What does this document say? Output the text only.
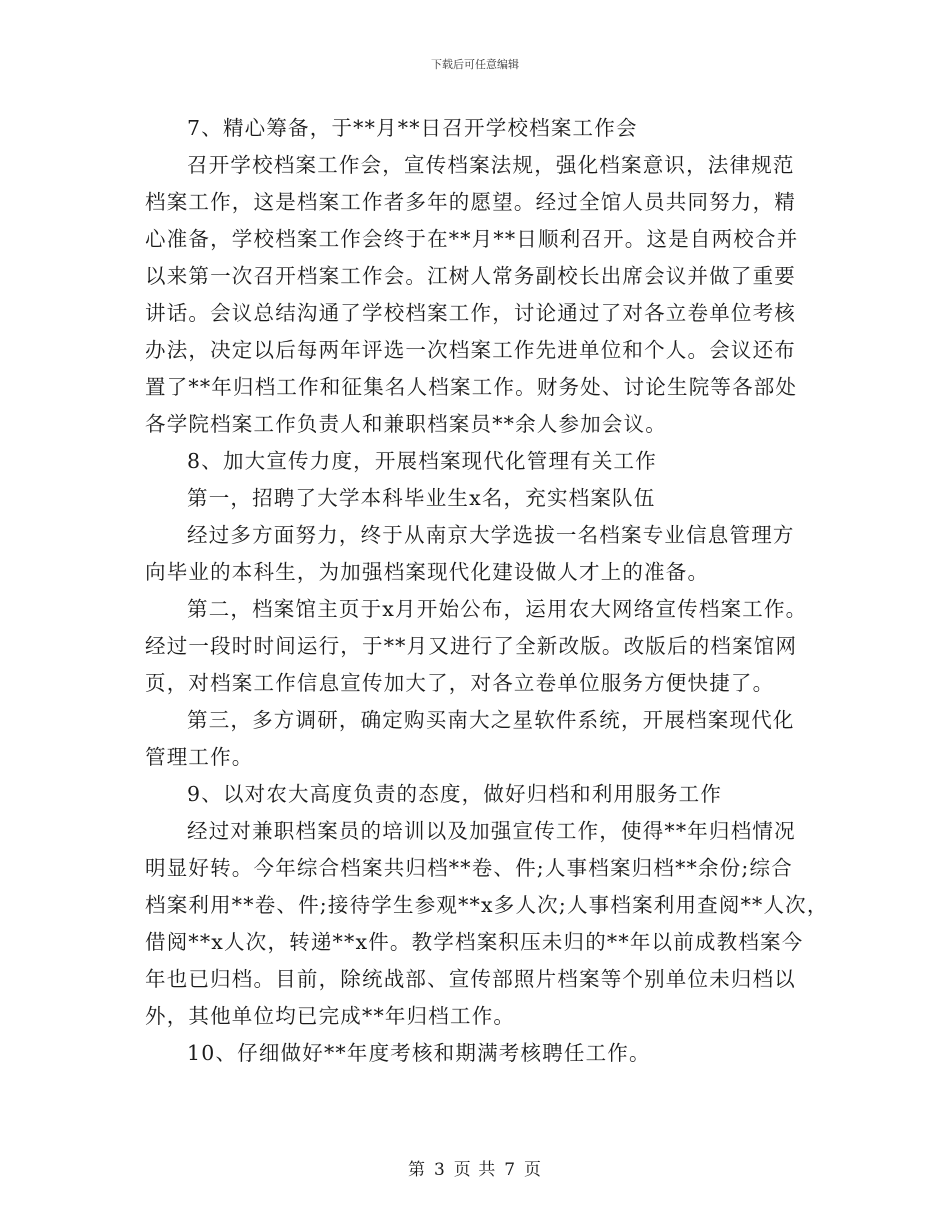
下载后可任意编辑
7、精心筹备，于**月**日召开学校档案工作会
召开学校档案工作会，宣传档案法规，强化档案意识，法律规范
档案工作，这是档案工作者多年的愿望。经过全馆人员共同努力，精
心准备，学校档案工作会终于在**月**日顺利召开。这是自两校合并
以来第一次召开档案工作会。江树人常务副校长出席会议并做了重要
讲话。会议总结沟通了学校档案工作，讨论通过了对各立卷单位考核
办法，决定以后每两年评选一次档案工作先进单位和个人。会议还布
置了**年归档工作和征集名人档案工作。财务处、讨论生院等各部处
各学院档案工作负责人和兼职档案员**余人参加会议。
8、加大宣传力度，开展档案现代化管理有关工作
第一，招聘了大学本科毕业生x名，充实档案队伍
经过多方面努力，终于从南京大学选拔一名档案专业信息管理方
向毕业的本科生，为加强档案现代化建设做人才上的准备。
第二，档案馆主页于x月开始公布，运用农大网络宣传档案工作。
经过一段时时间运行，于**月又进行了全新改版。改版后的档案馆网
页，对档案工作信息宣传加大了，对各立卷单位服务方便快捷了。
第三，多方调研，确定购买南大之星软件系统，开展档案现代化
管理工作。
9、以对农大高度负责的态度，做好归档和利用服务工作
经过对兼职档案员的培训以及加强宣传工作，使得**年归档情况
明显好转。今年综合档案共归档**卷、件;人事档案归档**余份;综合
档案利用**卷、件;接待学生参观**x多人次;人事档案利用查阅**人次，
借阅**x人次，转递**x件。教学档案积压未归的**年以前成教档案今
年也已归档。目前，除统战部、宣传部照片档案等个别单位未归档以
外，其他单位均已完成**年归档工作。
10、仔细做好**年度考核和期满考核聘任工作。
第 3 页 共 7 页
